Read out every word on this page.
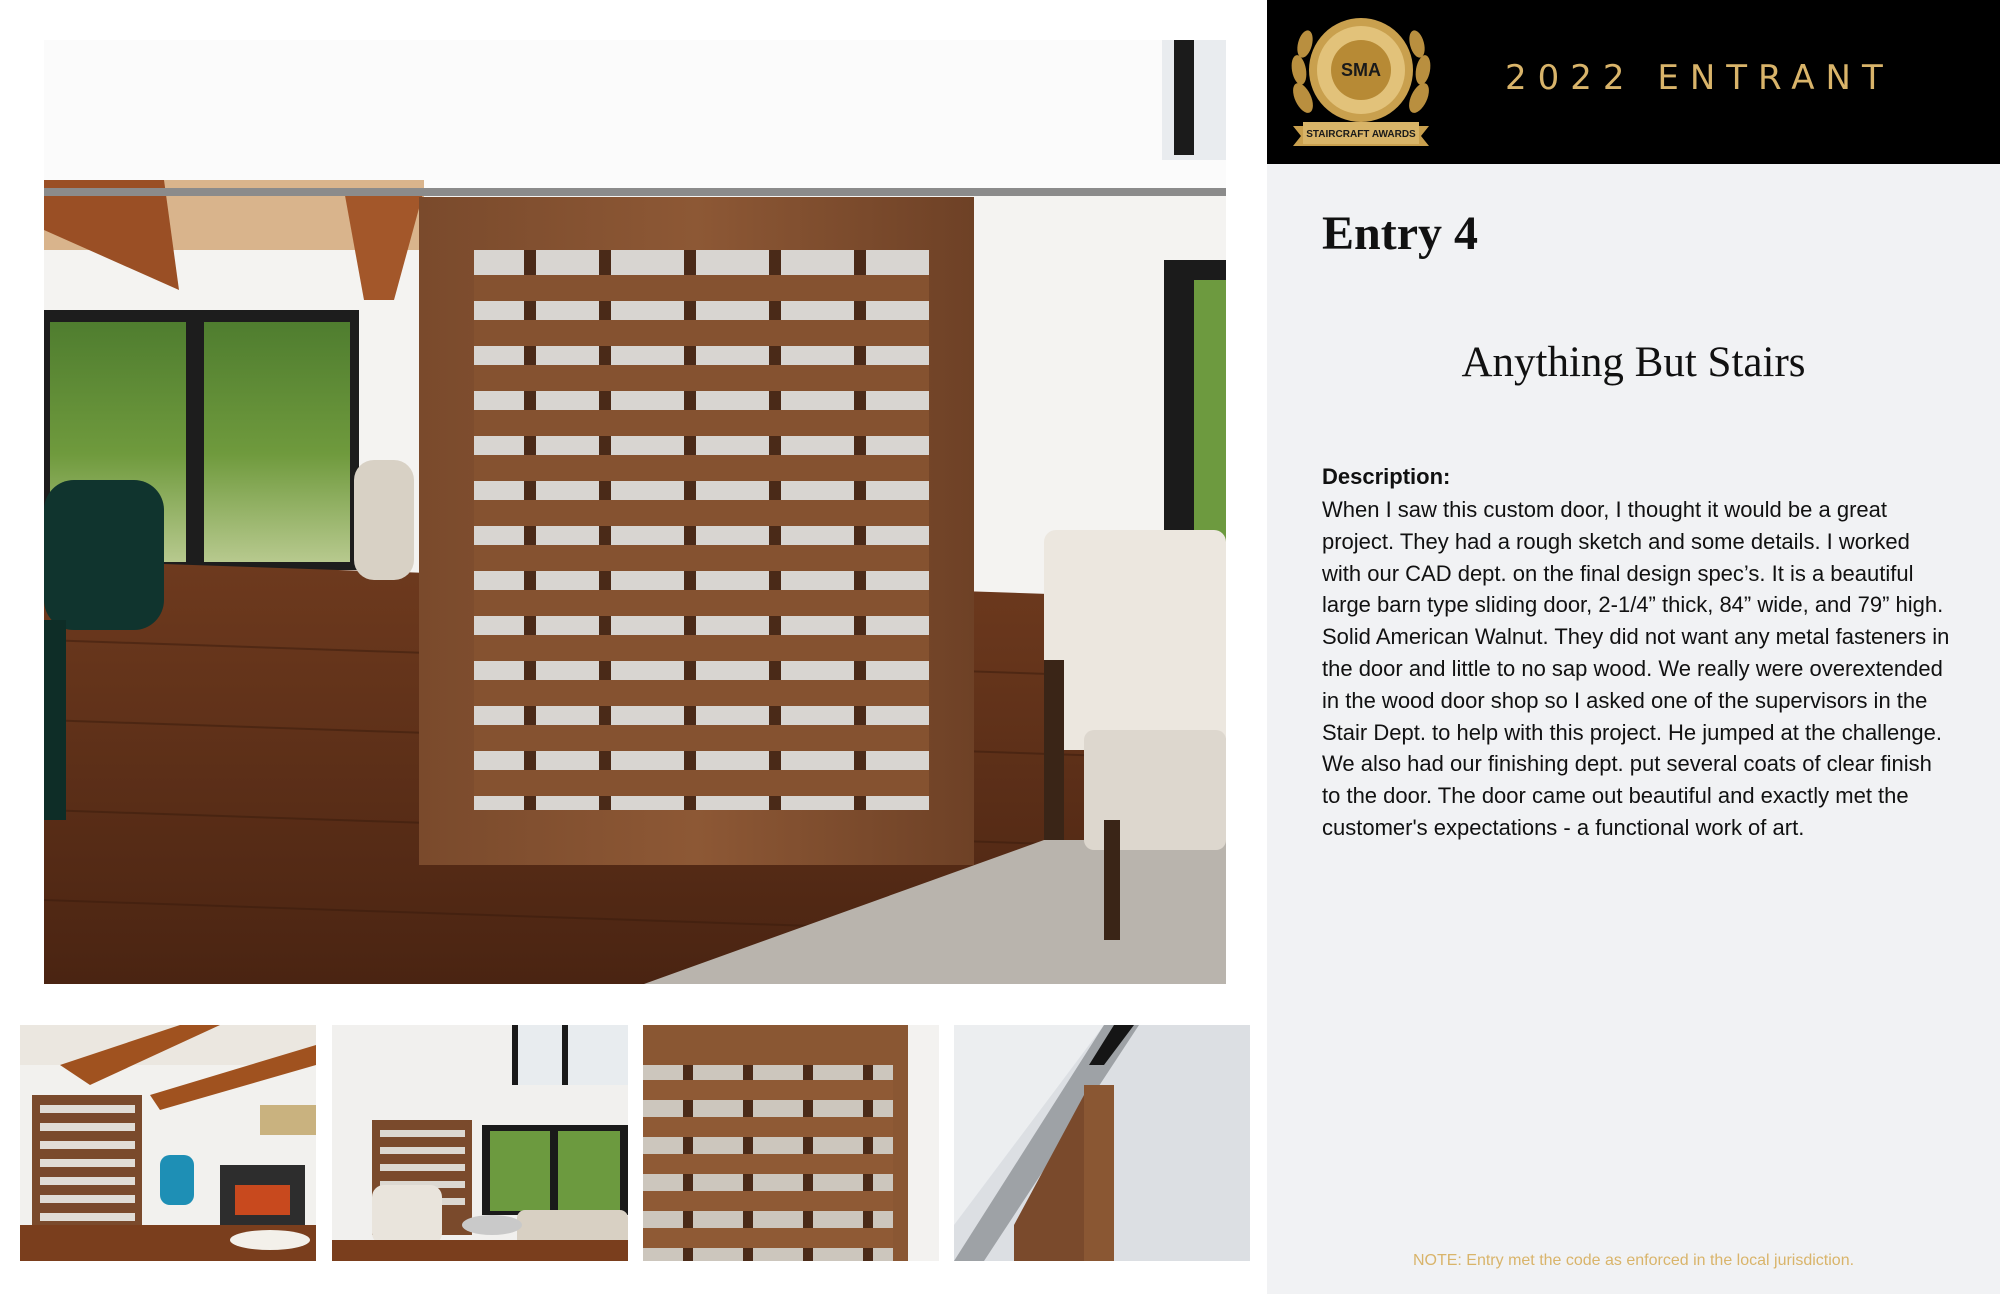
SMA
STAIRCRAFT AWARDS
2022 ENTRANT
Entry 4
Anything But Stairs
Description:
When I saw this custom door, I thought it would be a great project. They had a rough sketch and some details. I worked with our CAD dept. on the final design spec’s. It is a beautiful large barn type sliding door, 2-1/4” thick, 84” wide, and 79” high. Solid American Walnut. They did not want any metal fasteners in the door and little to no sap wood. We really were overextended in the wood door shop so I asked one of the supervisors in the Stair Dept. to help with this project. He jumped at the challenge. We also had our finishing dept. put several coats of clear finish to the door. The door came out beautiful and exactly met the customer's expectations - a functional work of art.
NOTE: Entry met the code as enforced in the local jurisdiction.
